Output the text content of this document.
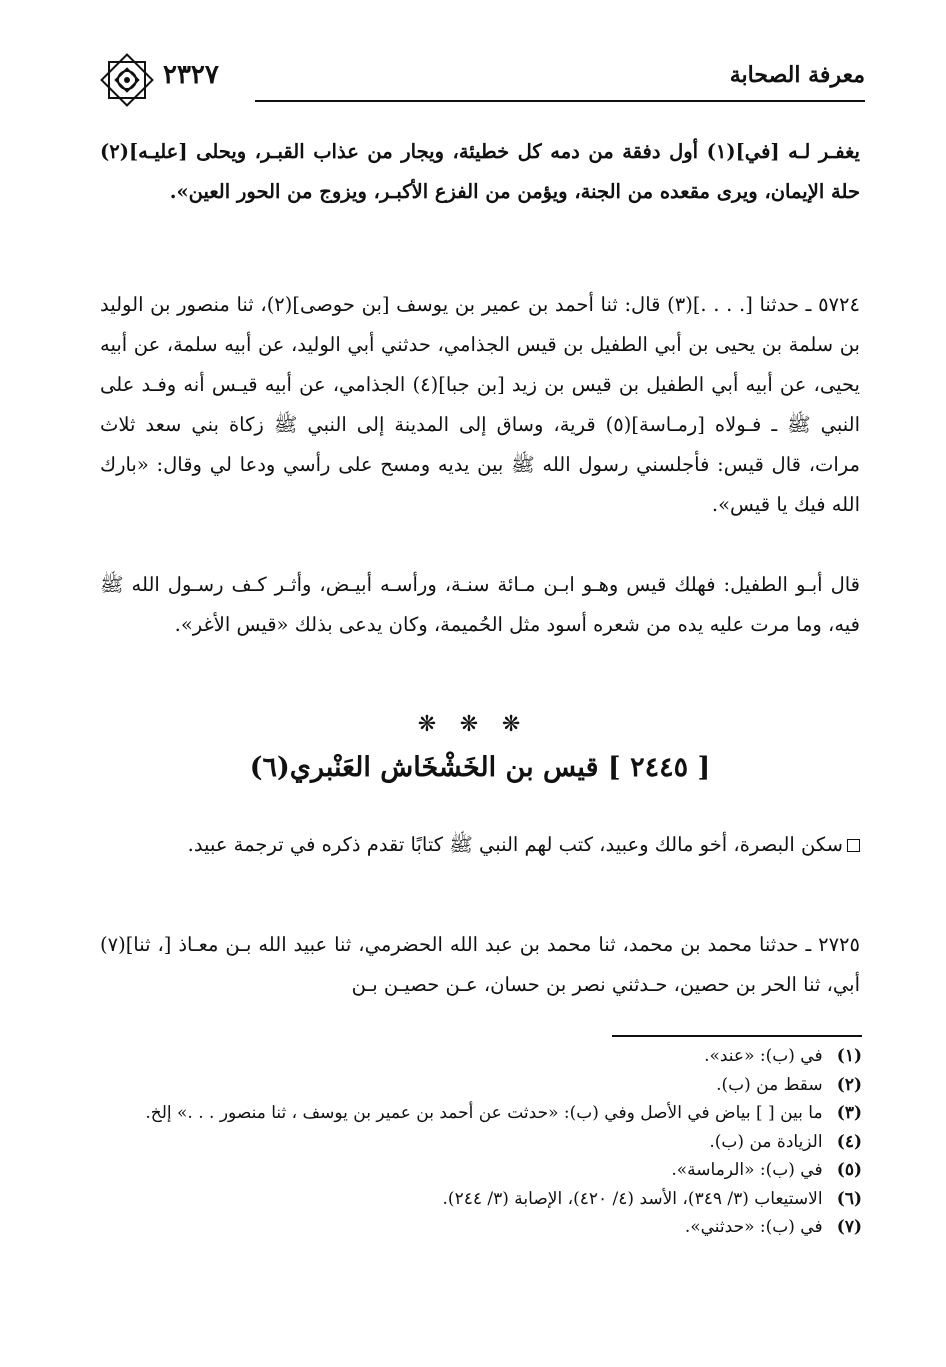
٢٣٢٧	معرفة الصحابة
يغفـر لـه [في](١) أول دفقة من دمه كل خطيئة، ويجار من عذاب القبـر، ويحلى [عليـه](٢) حلة الإيمان، ويرى مقعده من الجنة، ويؤمن من الفزع الأكبـر، ويزوج من الحور العين».
٥٧٢٤ ـ حدثنا [. . . .](٣) قال: ثنا أحمد بن عمير بن يوسف [بن حوصى](٢)، ثنا منصور بن الوليد بن سلمة بن يحيى بن أبي الطفيل بن قيس الجذامي، حدثني أبي الوليد، عن أبيه سلمة، عن أبيه يحيى، عن أبيه أبي الطفيل بن قيس بن زيد [بن جبا](٤) الجذامي، عن أبيه قيـس أنه وفـد على النبي ﷺ ـ فـولاه [رمـاسة](٥) قرية، وساق إلى المدينة إلى النبي ﷺ زكاة بني سعد ثلاث مرات، قال قيس: فأجلسني رسول الله ﷺ بين يديه ومسح على رأسي ودعا لي وقال: «بارك الله فيك يا قيس».
قال أبـو الطفيل: فهلك قيس وهـو ابـن مـائة سنـة، ورأسـه أبيـض، وأثـر كـف رسـول الله ﷺ فيه، وما مرت عليه يده من شعره أسود مثل الحُميمة، وكان يدعى بذلك «قيس الأغر».
❋ ❋ ❋
[ ٢٤٤٥ ] قيس بن الخَشْخَاش العَنْبري(٦)
سكن البصرة، أخو مالك وعبيد، كتب لهم النبي ﷺ كتابًا تقدم ذكره في ترجمة عبيد.
٢٧٢٥ ـ حدثنا محمد بن محمد، ثنا محمد بن عبد الله الحضرمي، ثنا عبيد الله بـن معـاذ [، ثنا](٧) أبي، ثنا الحر بن حصين، حـدثني نصر بن حسان، عـن حصيـن بـن
(١) في (ب): «عند».
(٢) سقط من (ب).
(٣) ما بين [ ] بياض في الأصل وفي (ب): «حدثت عن أحمد بن عمير بن يوسف ، ثنا منصور . . .» إلخ.
(٤) الزيادة من (ب).
(٥) في (ب): «الرماسة».
(٦) الاستيعاب (٣/ ٣٤٩)، الأسد (٤/ ٤٢٠)، الإصابة (٣/ ٢٤٤).
(٧) في (ب): «حدثني».
